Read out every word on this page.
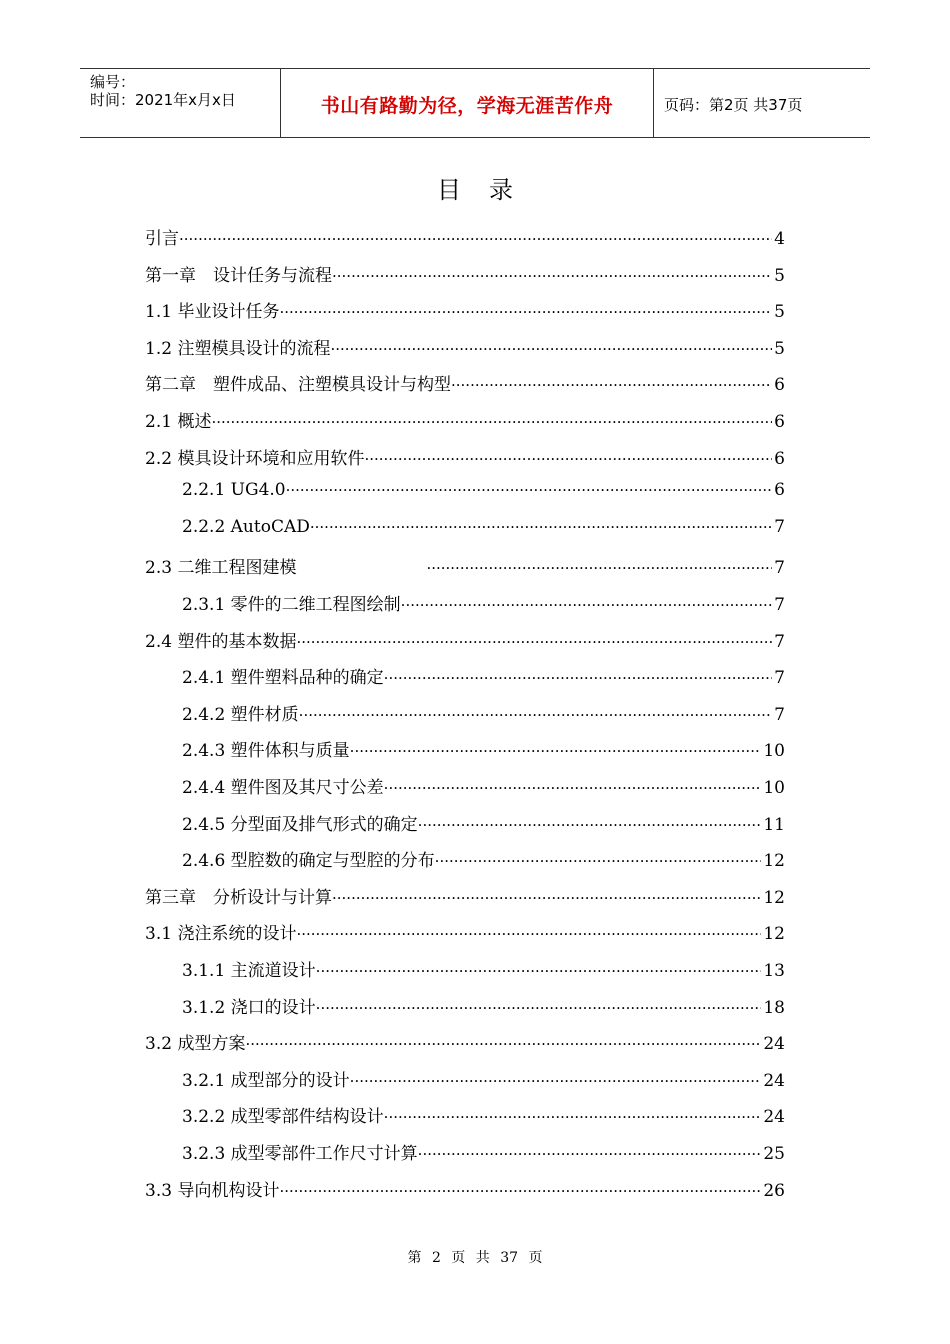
编号：
时间：2021年x月x日	书山有路勤为径，学海无涯苦作舟	页码：第2页 共37页
目录
引言 ·····	4
第一章　设计任务与流程 ·····	5
1.1 毕业设计任务 ·····	5
1.2 注塑模具设计的流程 ·····	5
第二章　塑件成品、注塑模具设计与构型 ·····	6
2.1 概述 ·····	6
2.2 模具设计环境和应用软件 ·····	6
2.2.1 UG4.0 ·····	6
2.2.2 AutoCAD ·····	7
2.3 二维工程图建模 ·····	7
2.3.1 零件的二维工程图绘制 ·····	7
2.4 塑件的基本数据 ·····	7
2.4.1 塑件塑料品种的确定 ·····	7
2.4.2 塑件材质 ·····	7
2.4.3 塑件体积与质量 ·····	10
2.4.4 塑件图及其尺寸公差 ·····	10
2.4.5 分型面及排气形式的确定 ·····	11
2.4.6 型腔数的确定与型腔的分布 ·····	12
第三章　分析设计与计算 ·····	12
3.1 浇注系统的设计 ·····	12
3.1.1 主流道设计 ·····	13
3.1.2 浇口的设计 ·····	18
3.2 成型方案 ·····	24
3.2.1 成型部分的设计 ·····	24
3.2.2 成型零部件结构设计 ·····	24
3.2.3 成型零部件工作尺寸计算 ·····	25
3.3 导向机构设计 ·····	26
第 2 页 共 37 页
